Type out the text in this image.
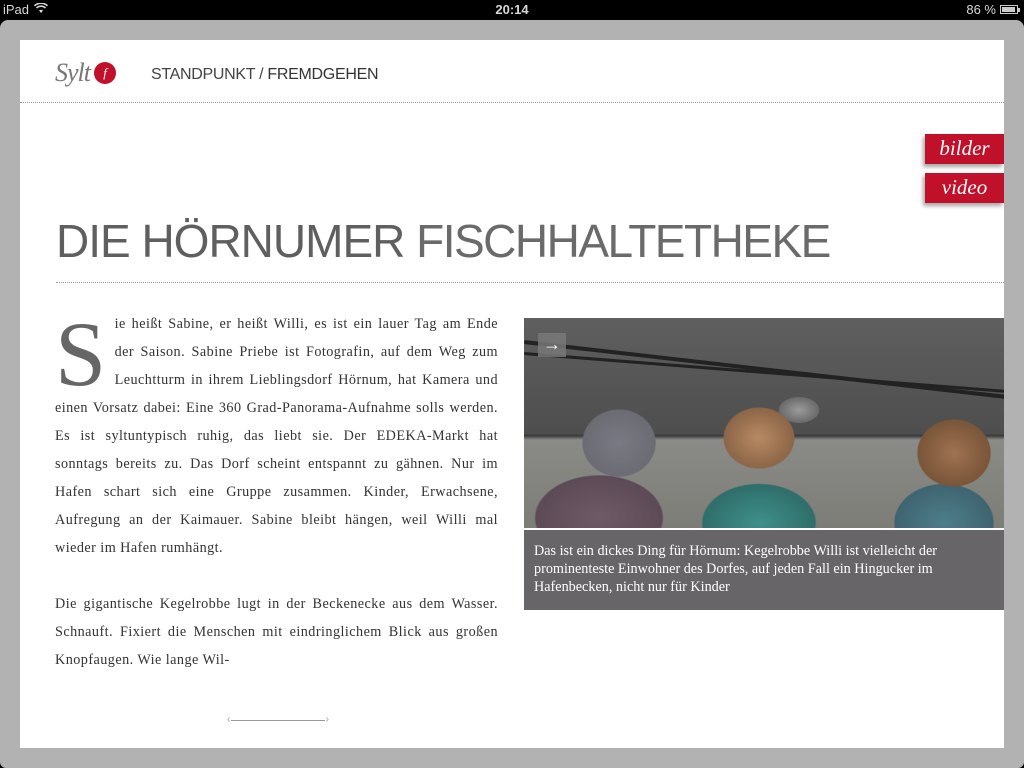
iPad	20:14	86 %
Sylt	f	STANDPUNKT / FREMDGEHEN
bilder
video
DIE HÖRNUMER FISCHHALTETHEKE

Sie heißt Sabine, er heißt Willi, es ist ein lauer Tag am Ende der Saison. Sabine Priebe ist Fotografin, auf dem Weg zum Leuchtturm in ihrem Lieblingsdorf Hörnum, hat Kamera und einen Vorsatz dabei: Eine 360 Grad-Panorama-Aufnahme solls werden. Es ist syltuntypisch ruhig, das liebt sie. Der EDEKA-Markt hat sonntags bereits zu. Das Dorf scheint entspannt zu gähnen. Nur im Hafen schart sich eine Gruppe zusammen. Kinder, Erwachsene, Aufregung an der Kaimauer. Sabine bleibt hängen, weil Willi mal wieder im Hafen rumhängt.

Die gigantische Kegelrobbe lugt in der Beckenecke aus dem Wasser. Schnauft. Fixiert die Menschen mit eindringlichem Blick aus großen Knopfaugen. Wie lange Wil-

→
Das ist ein dickes Ding für Hörnum: Kegelrobbe Willi ist vielleicht der prominenteste Einwohner des Dorfes, auf jeden Fall ein Hingucker im Hafenbecken, nicht nur für Kinder
‹	›
